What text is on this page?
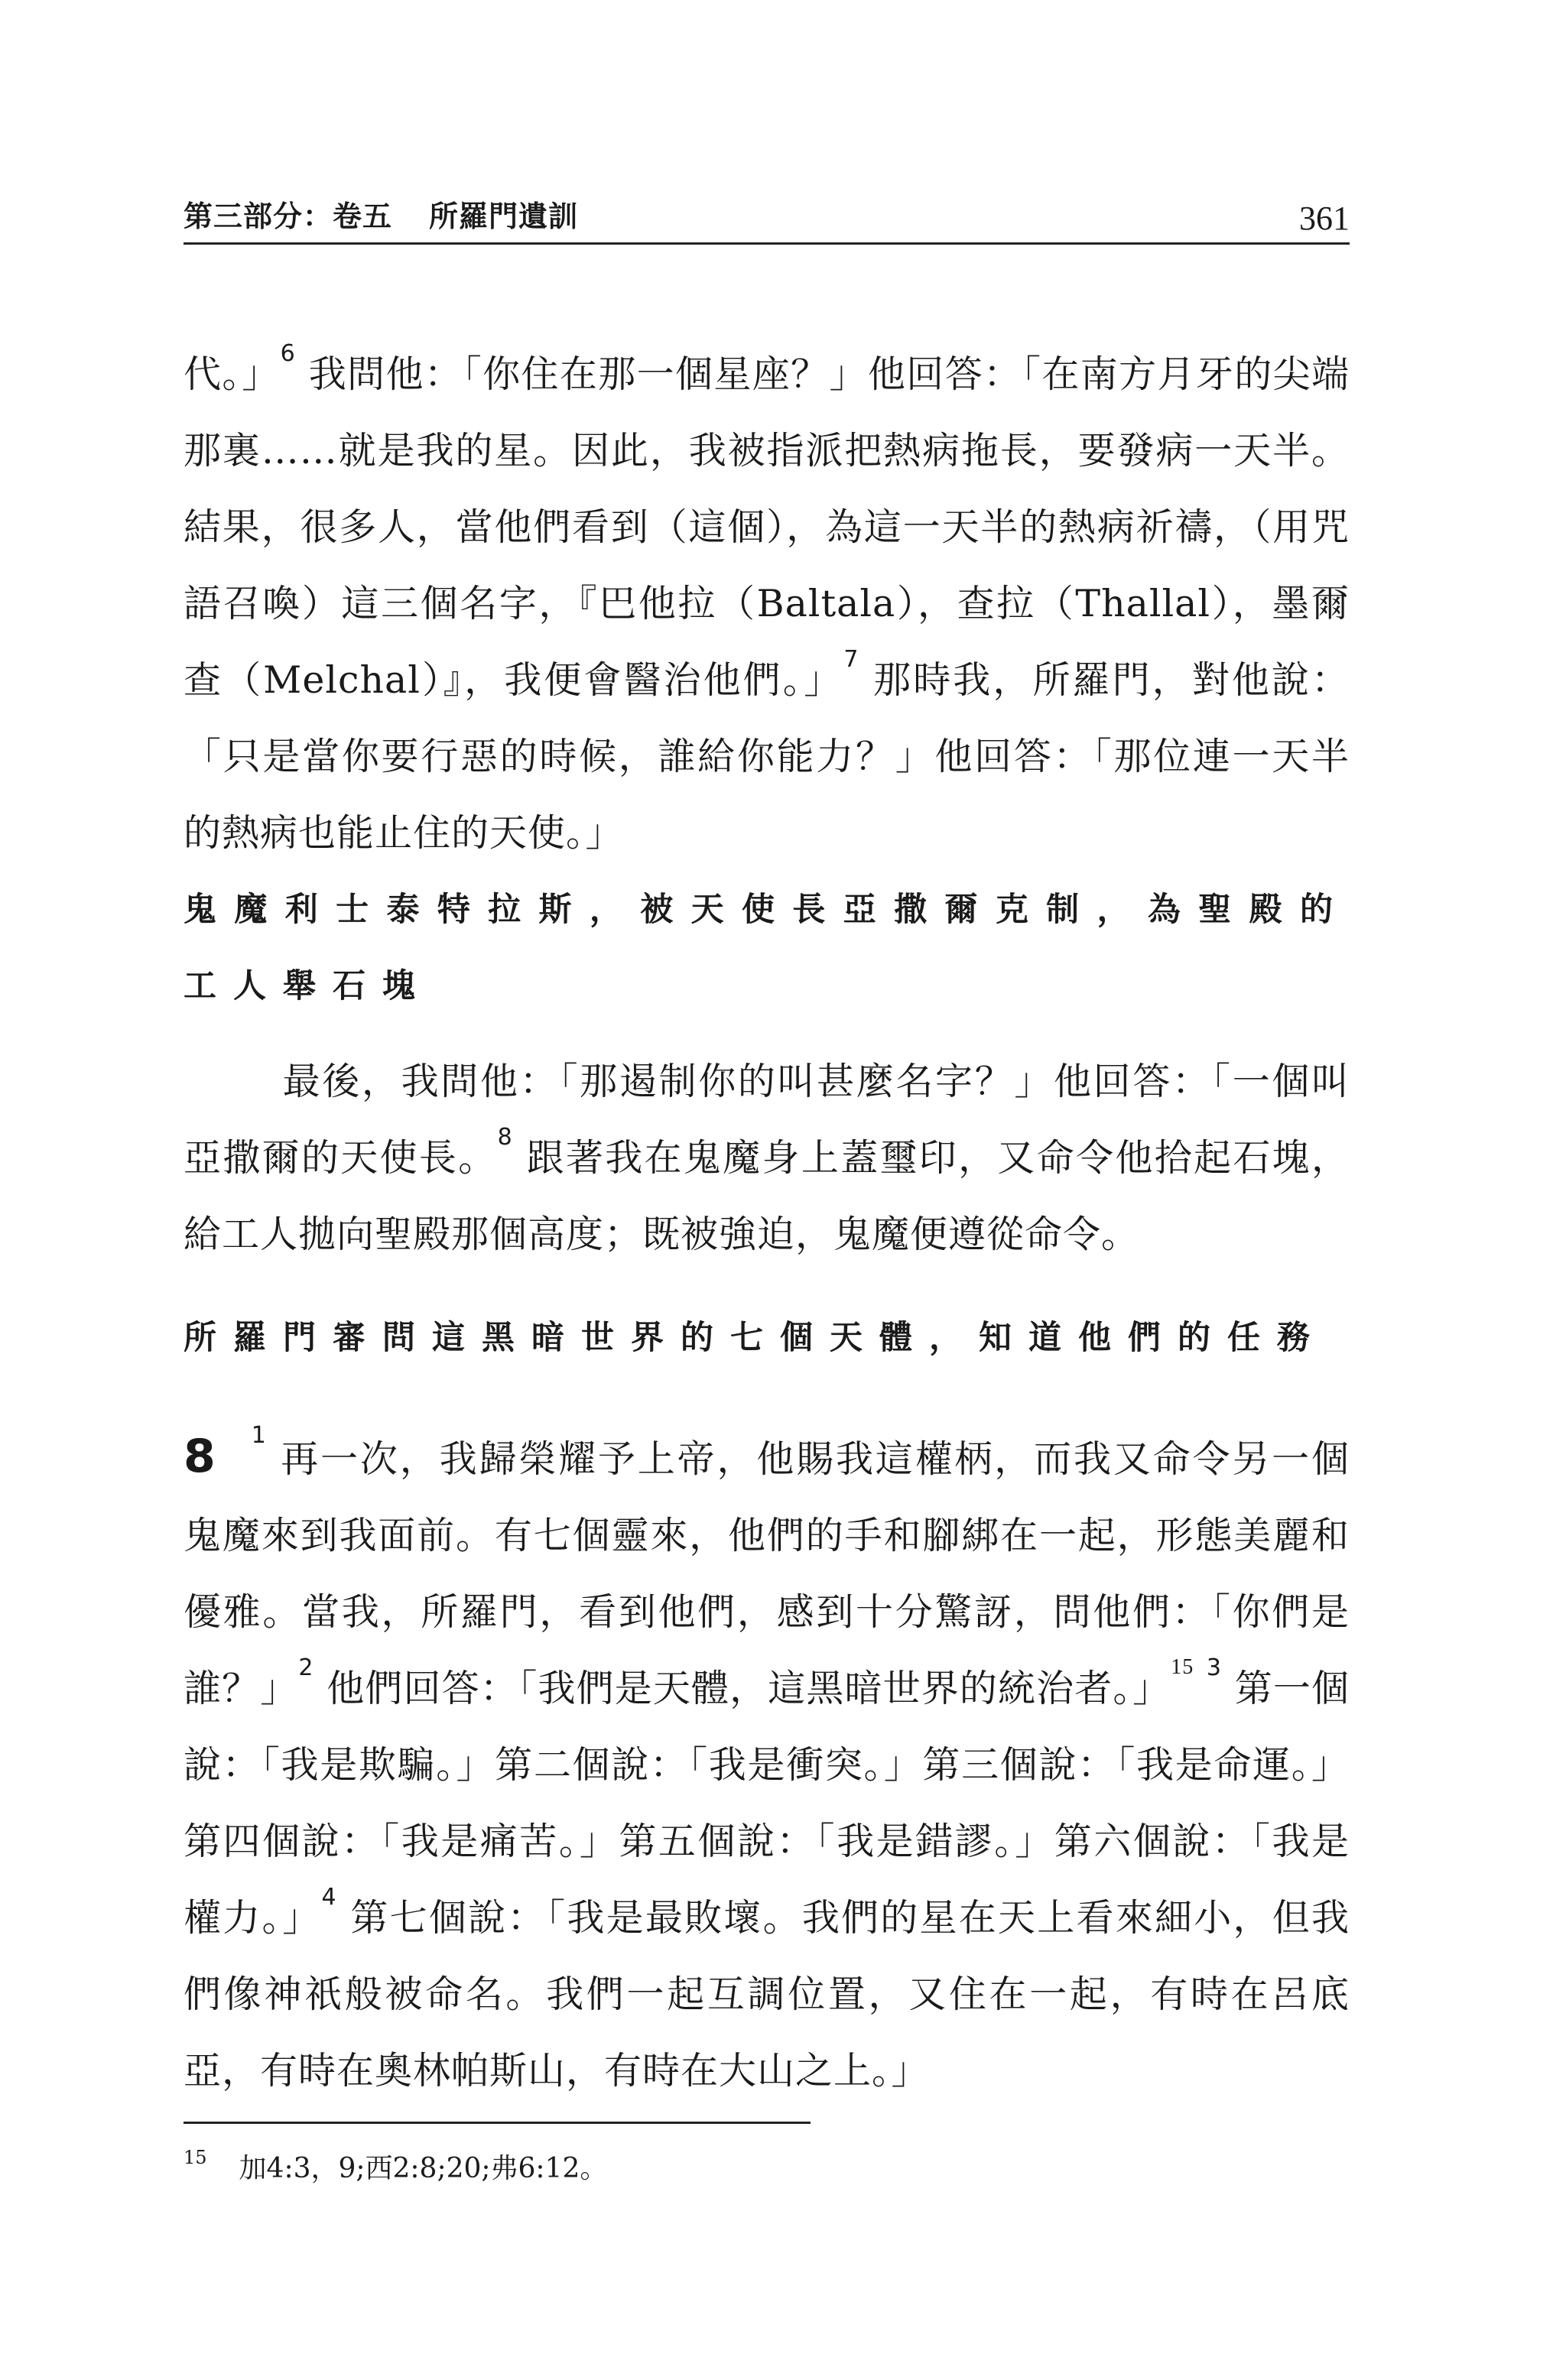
第三部分：卷五 所羅門遺訓	361
代。」$^6$ 我問他：「你住在那一個星座？」他回答：「在南方月牙的尖端那裏……就是我的星。因此，我被指派把熱病拖長，要發病一天半。結果，很多人，當他們看到（這個），為這一天半的熱病祈禱，（用咒語召喚）這三個名字，『巴他拉（Baltala），查拉（Thallal），墨爾查（Melchal）』，我便會醫治他們。」$^7$ 那時我，所羅門，對他說：「只是當你要行惡的時候，誰給你能力？」他回答：「那位連一天半的熱病也能止住的天使。」
鬼魔利士泰特拉斯，被天使長亞撒爾克制，為聖殿的工人舉石塊
最後，我問他：「那遏制你的叫甚麼名字？」他回答：「一個叫亞撒爾的天使長。$^8$ 跟著我在鬼魔身上蓋璽印，又命令他拾起石塊，給工人拋向聖殿那個高度；既被強迫，鬼魔便遵從命令。
所羅門審問這黑暗世界的七個天體，知道他們的任務
8 $^1$ 再一次，我歸榮耀予上帝，他賜我這權柄，而我又命令另一個鬼魔來到我面前。有七個靈來，他們的手和腳綁在一起，形態美麗和優雅。當我，所羅門，看到他們，感到十分驚訝，問他們：「你們是誰？」$^2$ 他們回答：「我們是天體，這黑暗世界的統治者。」$^{15}$ $^3$ 第一個說：「我是欺騙。」第二個說：「我是衝突。」第三個說：「我是命運。」第四個說：「我是痛苦。」第五個說：「我是錯謬。」第六個說：「我是權力。」$^4$ 第七個說：「我是最敗壞。我們的星在天上看來細小，但我們像神祇般被命名。我們一起互調位置，又住在一起，有時在呂底亞，有時在奧林帕斯山，有時在大山之上。」
$^{15}$ 加4:3，9;西2:8;20;弗6:12。
